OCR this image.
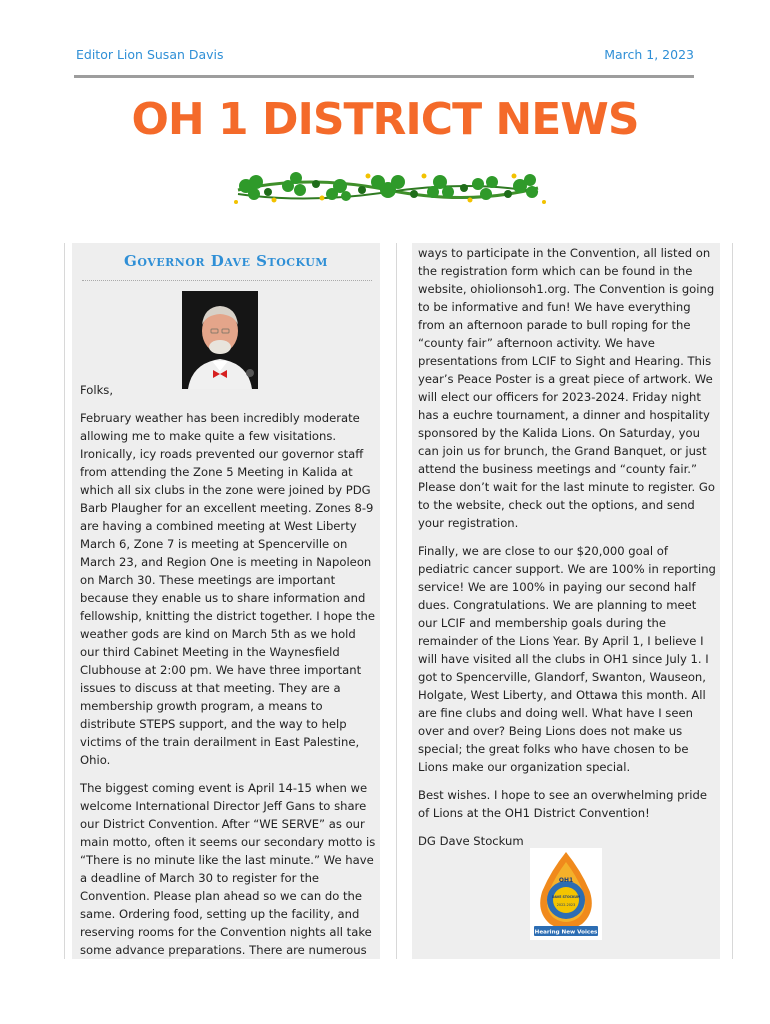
Editor Lion Susan Davis	March 1, 2023
OH 1 DISTRICT NEWS
Governor Dave Stockum

Folks,

February weather has been incredibly moderate allowing me to make quite a few visitations. Ironically, icy roads prevented our governor staff from attending the Zone 5 Meeting in Kalida at which all six clubs in the zone were joined by PDG Barb Plaugher for an excellent meeting. Zones 8-9 are having a combined meeting at West Liberty March 6, Zone 7 is meeting at Spencerville on March 23, and Region One is meeting in Napoleon on March 30. These meetings are important because they enable us to share information and fellowship, knitting the district together. I hope the weather gods are kind on March 5th as we hold our third Cabinet Meeting in the Waynesfield Clubhouse at 2:00 pm. We have three important issues to discuss at that meeting. They are a membership growth program, a means to distribute STEPS support, and the way to help victims of the train derailment in East Palestine, Ohio.

The biggest coming event is April 14-15 when we welcome International Director Jeff Gans to share our District Convention. After “WE SERVE” as our main motto, often it seems our secondary motto is “There is no minute like the last minute.” We have a deadline of March 30 to register for the Convention. Please plan ahead so we can do the same. Ordering food, setting up the facility, and reserving rooms for the Convention nights all take some advance preparations. There are numerous

ways to participate in the Convention, all listed on the registration form which can be found in the website, ohiolionsoh1.org. The Convention is going to be informative and fun! We have everything from an afternoon parade to bull roping for the “county fair” afternoon activity. We have presentations from LCIF to Sight and Hearing. This year’s Peace Poster is a great piece of artwork. We will elect our officers for 2023-2024. Friday night has a euchre tournament, a dinner and hospitality sponsored by the Kalida Lions. On Saturday, you can join us for brunch, the Grand Banquet, or just attend the business meetings and “county fair.” Please don’t wait for the last minute to register. Go to the website, check out the options, and send your registration.

Finally, we are close to our $20,000 goal of pediatric cancer support. We are 100% in reporting service! We are 100% in paying our second half dues. Congratulations. We are planning to meet our LCIF and membership goals during the remainder of the Lions Year. By April 1, I believe I will have visited all the clubs in OH1 since July 1. I got to Spencerville, Glandorf, Swanton, Wauseon, Holgate, West Liberty, and Ottawa this month. All are fine clubs and doing well. What have I seen over and over? Being Lions does not make us special; the great folks who have chosen to be Lions make our organization special.

Best wishes. I hope to see an overwhelming pride of Lions at the OH1 District Convention!

DG Dave Stockum

OH1
DAVE STOCKUM
2022-2023
Hearing New Voices
